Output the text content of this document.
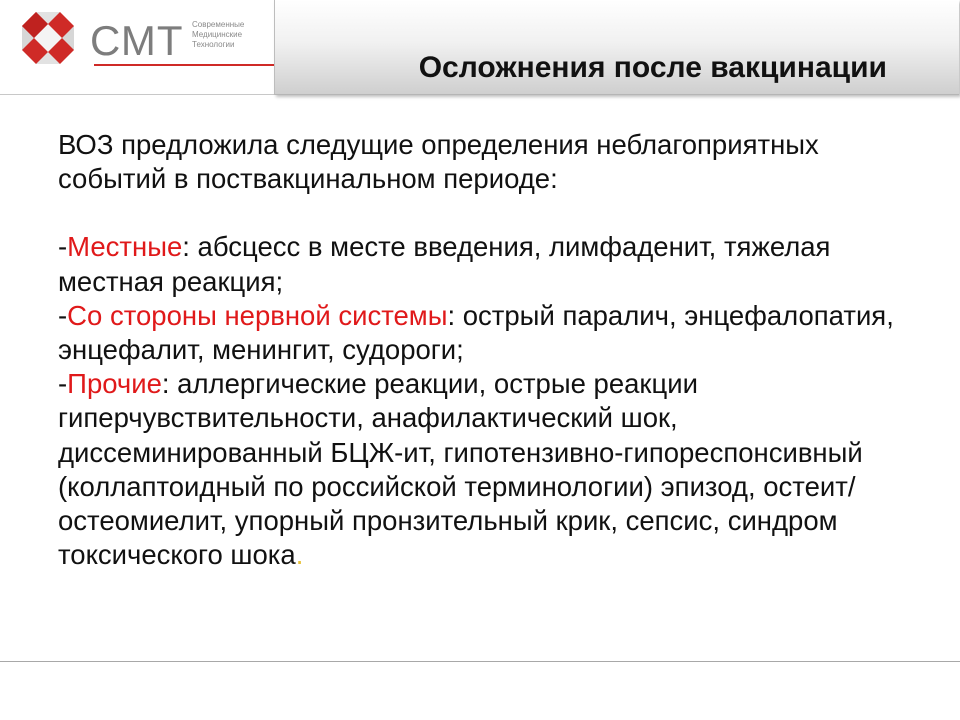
СМТ Современные
Медицинские
Технологии
Осложнения после вакцинации

ВОЗ предложила следущие определения неблагоприятных событий в поствакцинальном периоде:

-Местные: абсцесс в месте введения, лимфаденит, тяжелая местная реакция;

-Со стороны нервной системы: острый паралич, энцефалопатия, энцефалит, менингит, судороги;

-Прочие: аллергические реакции, острые реакции гиперчувствительности, анафилактический шок, диссеминированный БЦЖ-ит, гипотензивно-гипореспонсивный (коллаптоидный по российской терминологии) эпизод, остеит/остеомиелит, упорный пронзительный крик, сепсис, синдром токсического шока.
